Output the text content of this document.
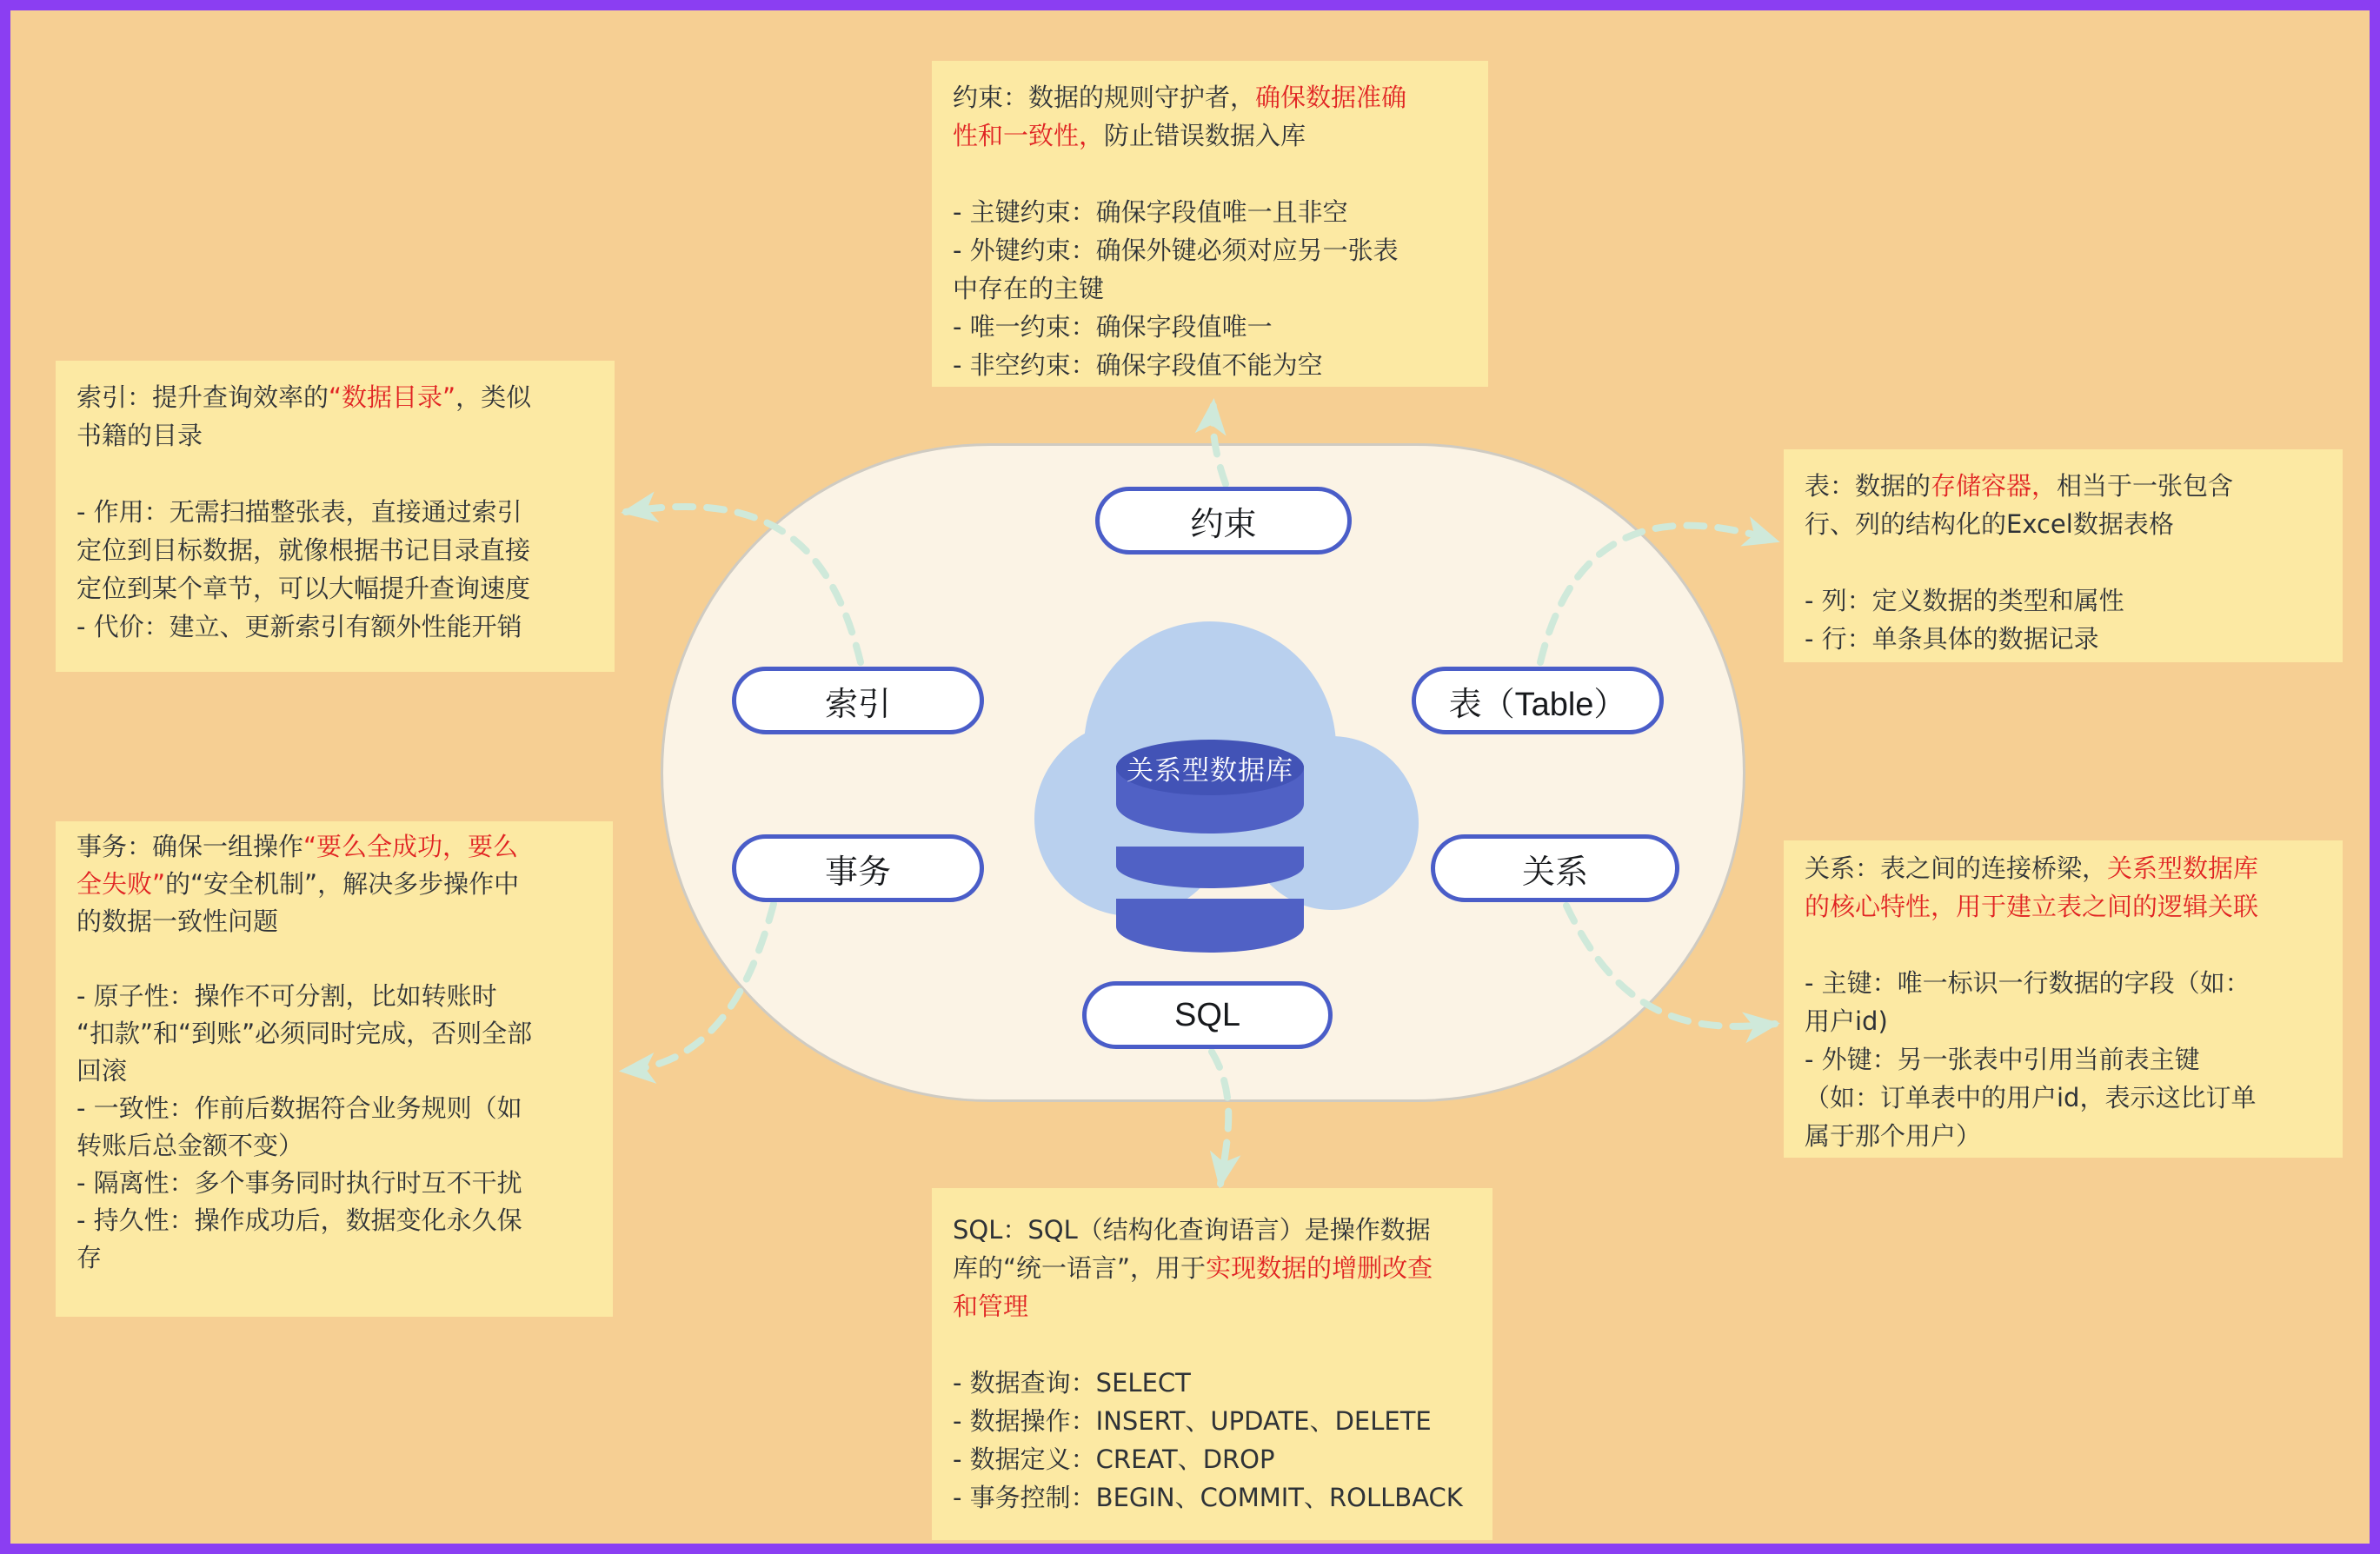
关系型数据库
约束
索引
事务
表（Table）
关系
SQL
约束：数据的规则守护者，确保数据准确
性和一致性，防止错误数据入库

- 主键约束：确保字段值唯一且非空
- 外键约束：确保外键必须对应另一张表
中存在的主键
- 唯一约束：确保字段值唯一
- 非空约束：确保字段值不能为空
索引：提升查询效率的“数据目录”，类似
书籍的目录

- 作用：无需扫描整张表，直接通过索引
定位到目标数据，就像根据书记目录直接
定位到某个章节，可以大幅提升查询速度
- 代价：建立、更新索引有额外性能开销
事务：确保一组操作“要么全成功，要么
全失败”的“安全机制”，解决多步操作中
的数据一致性问题

- 原子性：操作不可分割，比如转账时
“扣款”和“到账”必须同时完成，否则全部
回滚
- 一致性：作前后数据符合业务规则（如
转账后总金额不变）
- 隔离性：多个事务同时执行时互不干扰
- 持久性：操作成功后，数据变化永久保
存
表：数据的存储容器，相当于一张包含
行、列的结构化的Excel数据表格

- 列：定义数据的类型和属性
- 行：单条具体的数据记录
关系：表之间的连接桥梁，关系型数据库
的核心特性，用于建立表之间的逻辑关联

- 主键：唯一标识一行数据的字段（如：
用户id)
- 外键：另一张表中引用当前表主键
（如：订单表中的用户id，表示这比订单
属于那个用户）
SQL：SQL（结构化查询语言）是操作数据
库的“统一语言”，用于实现数据的增删改查
和管理

- 数据查询：SELECT
- 数据操作：INSERT、UPDATE、DELETE
- 数据定义：CREAT、DROP
- 事务控制：BEGIN、COMMIT、ROLLBACK
